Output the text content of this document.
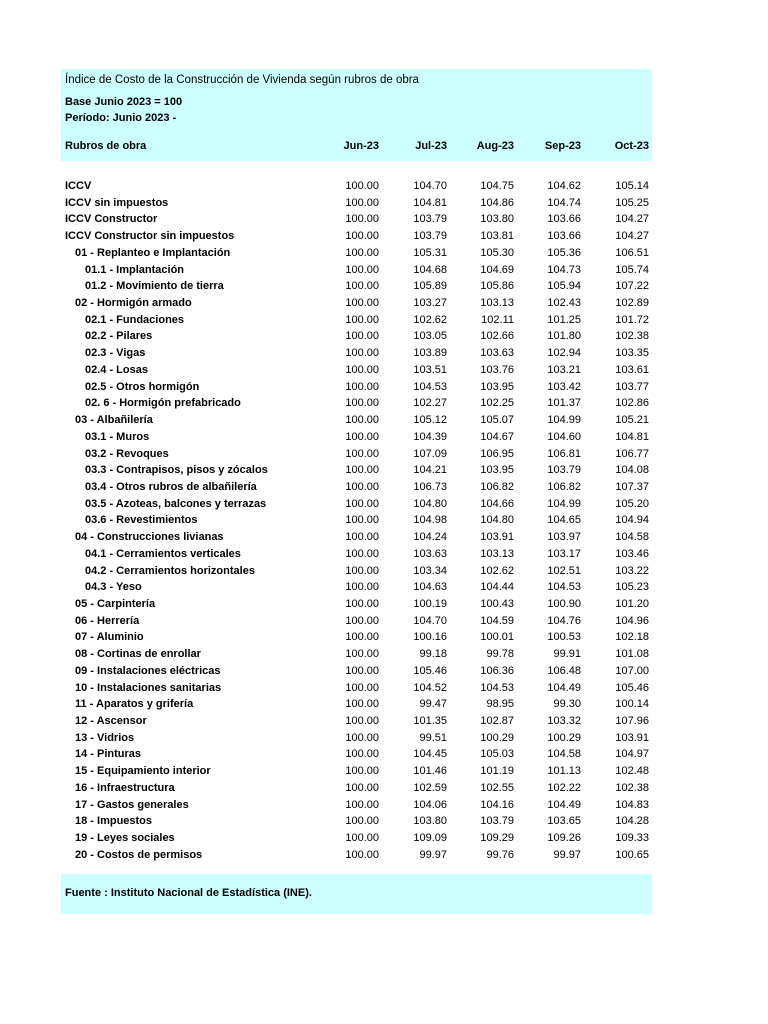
Índice de Costo de la Construcción de Vivienda según rubros de obra
Base Junio 2023 = 100
Período: Junio 2023 -
Rubros de obra	Jun-23	Jul-23	Aug-23	Sep-23	Oct-23
ICCV	100.00	104.70	104.75	104.62	105.14
ICCV sin impuestos	100.00	104.81	104.86	104.74	105.25
ICCV Constructor	100.00	103.79	103.80	103.66	104.27
ICCV Constructor sin impuestos	100.00	103.79	103.81	103.66	104.27
01 - Replanteo e Implantación	100.00	105.31	105.30	105.36	106.51
01.1 - Implantación	100.00	104.68	104.69	104.73	105.74
01.2 - Movimiento de tierra	100.00	105.89	105.86	105.94	107.22
02 - Hormigón armado	100.00	103.27	103.13	102.43	102.89
02.1 - Fundaciones	100.00	102.62	102.11	101.25	101.72
02.2 - Pilares	100.00	103.05	102.66	101.80	102.38
02.3 - Vigas	100.00	103.89	103.63	102.94	103.35
02.4 - Losas	100.00	103.51	103.76	103.21	103.61
02.5 - Otros hormigón	100.00	104.53	103.95	103.42	103.77
02. 6 - Hormigón prefabricado	100.00	102.27	102.25	101.37	102.86
03 - Albañilería	100.00	105.12	105.07	104.99	105.21
03.1 - Muros	100.00	104.39	104.67	104.60	104.81
03.2 - Revoques	100.00	107.09	106.95	106.81	106.77
03.3 - Contrapisos, pisos y zócalos	100.00	104.21	103.95	103.79	104.08
03.4 - Otros rubros de albañilería	100.00	106.73	106.82	106.82	107.37
03.5 - Azoteas, balcones y terrazas	100.00	104.80	104.66	104.99	105.20
03.6 - Revestimientos	100.00	104.98	104.80	104.65	104.94
04 - Construcciones livianas	100.00	104.24	103.91	103.97	104.58
04.1 - Cerramientos verticales	100.00	103.63	103.13	103.17	103.46
04.2 - Cerramientos horizontales	100.00	103.34	102.62	102.51	103.22
04.3 - Yeso	100.00	104.63	104.44	104.53	105.23
05 - Carpintería	100.00	100.19	100.43	100.90	101.20
06 - Herrería	100.00	104.70	104.59	104.76	104.96
07 - Aluminio	100.00	100.16	100.01	100.53	102.18
08 - Cortinas de enrollar	100.00	99.18	99.78	99.91	101.08
09 - Instalaciones eléctricas	100.00	105.46	106.36	106.48	107.00
10 - Instalaciones sanitarias	100.00	104.52	104.53	104.49	105.46
11 - Aparatos y grifería	100.00	99.47	98.95	99.30	100.14
12 - Ascensor	100.00	101.35	102.87	103.32	107.96
13 - Vidrios	100.00	99.51	100.29	100.29	103.91
14 - Pinturas	100.00	104.45	105.03	104.58	104.97
15 - Equipamiento interior	100.00	101.46	101.19	101.13	102.48
16 - Infraestructura	100.00	102.59	102.55	102.22	102.38
17 - Gastos generales	100.00	104.06	104.16	104.49	104.83
18 - Impuestos	100.00	103.80	103.79	103.65	104.28
19 - Leyes sociales	100.00	109.09	109.29	109.26	109.33
20 - Costos de permisos	100.00	99.97	99.76	99.97	100.65
Fuente : Instituto Nacional de Estadística (INE).
